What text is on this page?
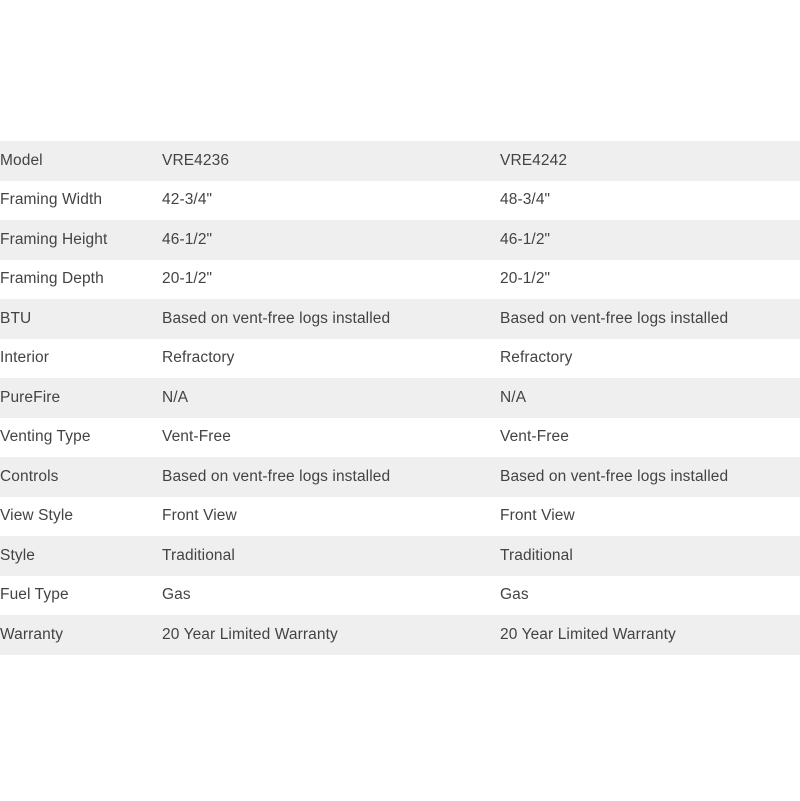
Model	VRE4236	VRE4242
Framing Width	42-3/4"	48-3/4"
Framing Height	46-1/2"	46-1/2"
Framing Depth	20-1/2"	20-1/2"
BTU	Based on vent-free logs installed	Based on vent-free logs installed
Interior	Refractory	Refractory
PureFire	N/A	N/A
Venting Type	Vent-Free	Vent-Free
Controls	Based on vent-free logs installed	Based on vent-free logs installed
View Style	Front View	Front View
Style	Traditional	Traditional
Fuel Type	Gas	Gas
Warranty	20 Year Limited Warranty	20 Year Limited Warranty
